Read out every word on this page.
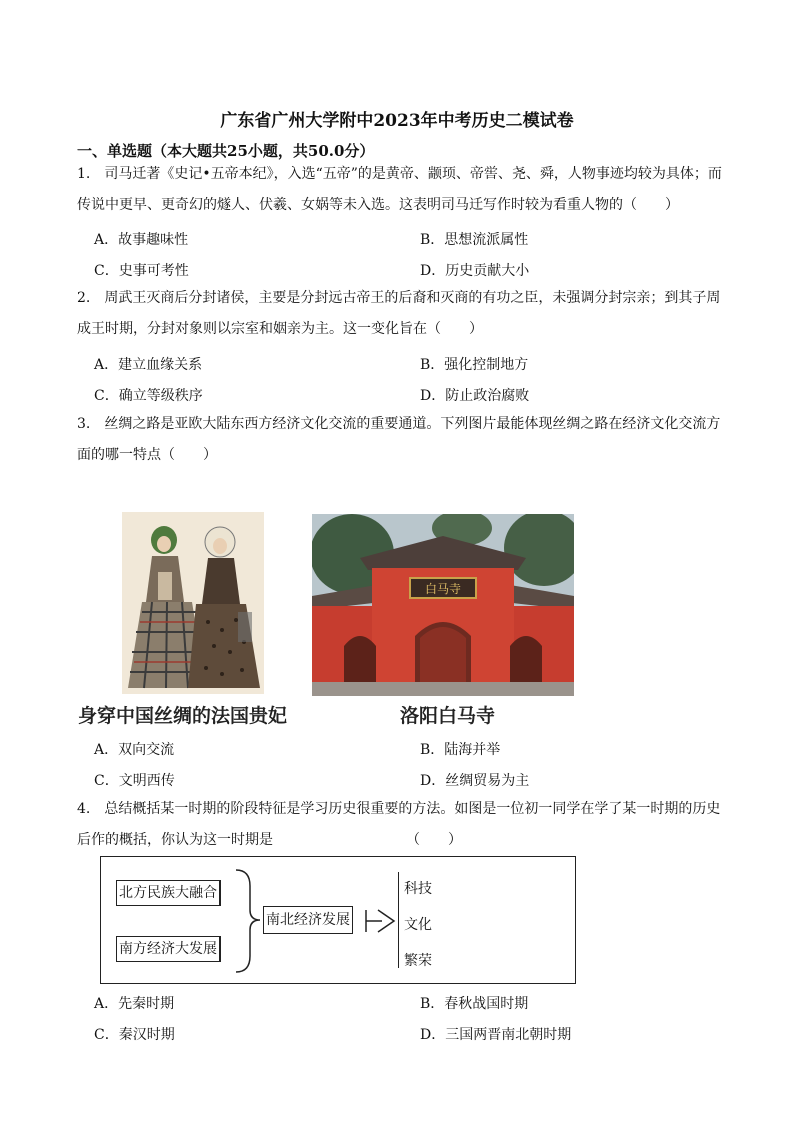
广东省广州大学附中2023年中考历史二模试卷
一、单选题（本大题共25小题，共50.0分）
1.　司马迁著《史记•五帝本纪》，入选“五帝”的是黄帝、颛顼、帝喾、尧、舜，人物事迹均较为具体；而
传说中更早、更奇幻的燧人、伏羲、女娲等未入选。这表明司马迁写作时较为看重人物的（　　）
A．故事趣味性	B．思想流派属性
C．史事可考性	D．历史贡献大小
2.　周武王灭商后分封诸侯，主要是分封远古帝王的后裔和灭商的有功之臣，未强调分封宗亲；到其子周
成王时期，分封对象则以宗室和姻亲为主。这一变化旨在（　　）
A．建立血缘关系	B．强化控制地方
C．确立等级秩序	D．防止政治腐败
3.　丝绸之路是亚欧大陆东西方经济文化交流的重要通道。下列图片最能体现丝绸之路在经济文化交流方
面的哪一特点（　　）
白马寺
身穿中国丝绸的法国贵妃	洛阳白马寺
A．双向交流	B．陆海并举
C．文明西传	D．丝绸贸易为主
4.　总结概括某一时期的阶段特征是学习历史很重要的方法。如图是一位初一同学在学了某一时期的历史
后作的概括，你认为这一时期是　　　　　　　　　　（　　）
北方民族大融合
南方经济大发展
南北经济发展
科技
文化
繁荣
A．先秦时期	B．春秋战国时期
C．秦汉时期	D．三国两晋南北朝时期
